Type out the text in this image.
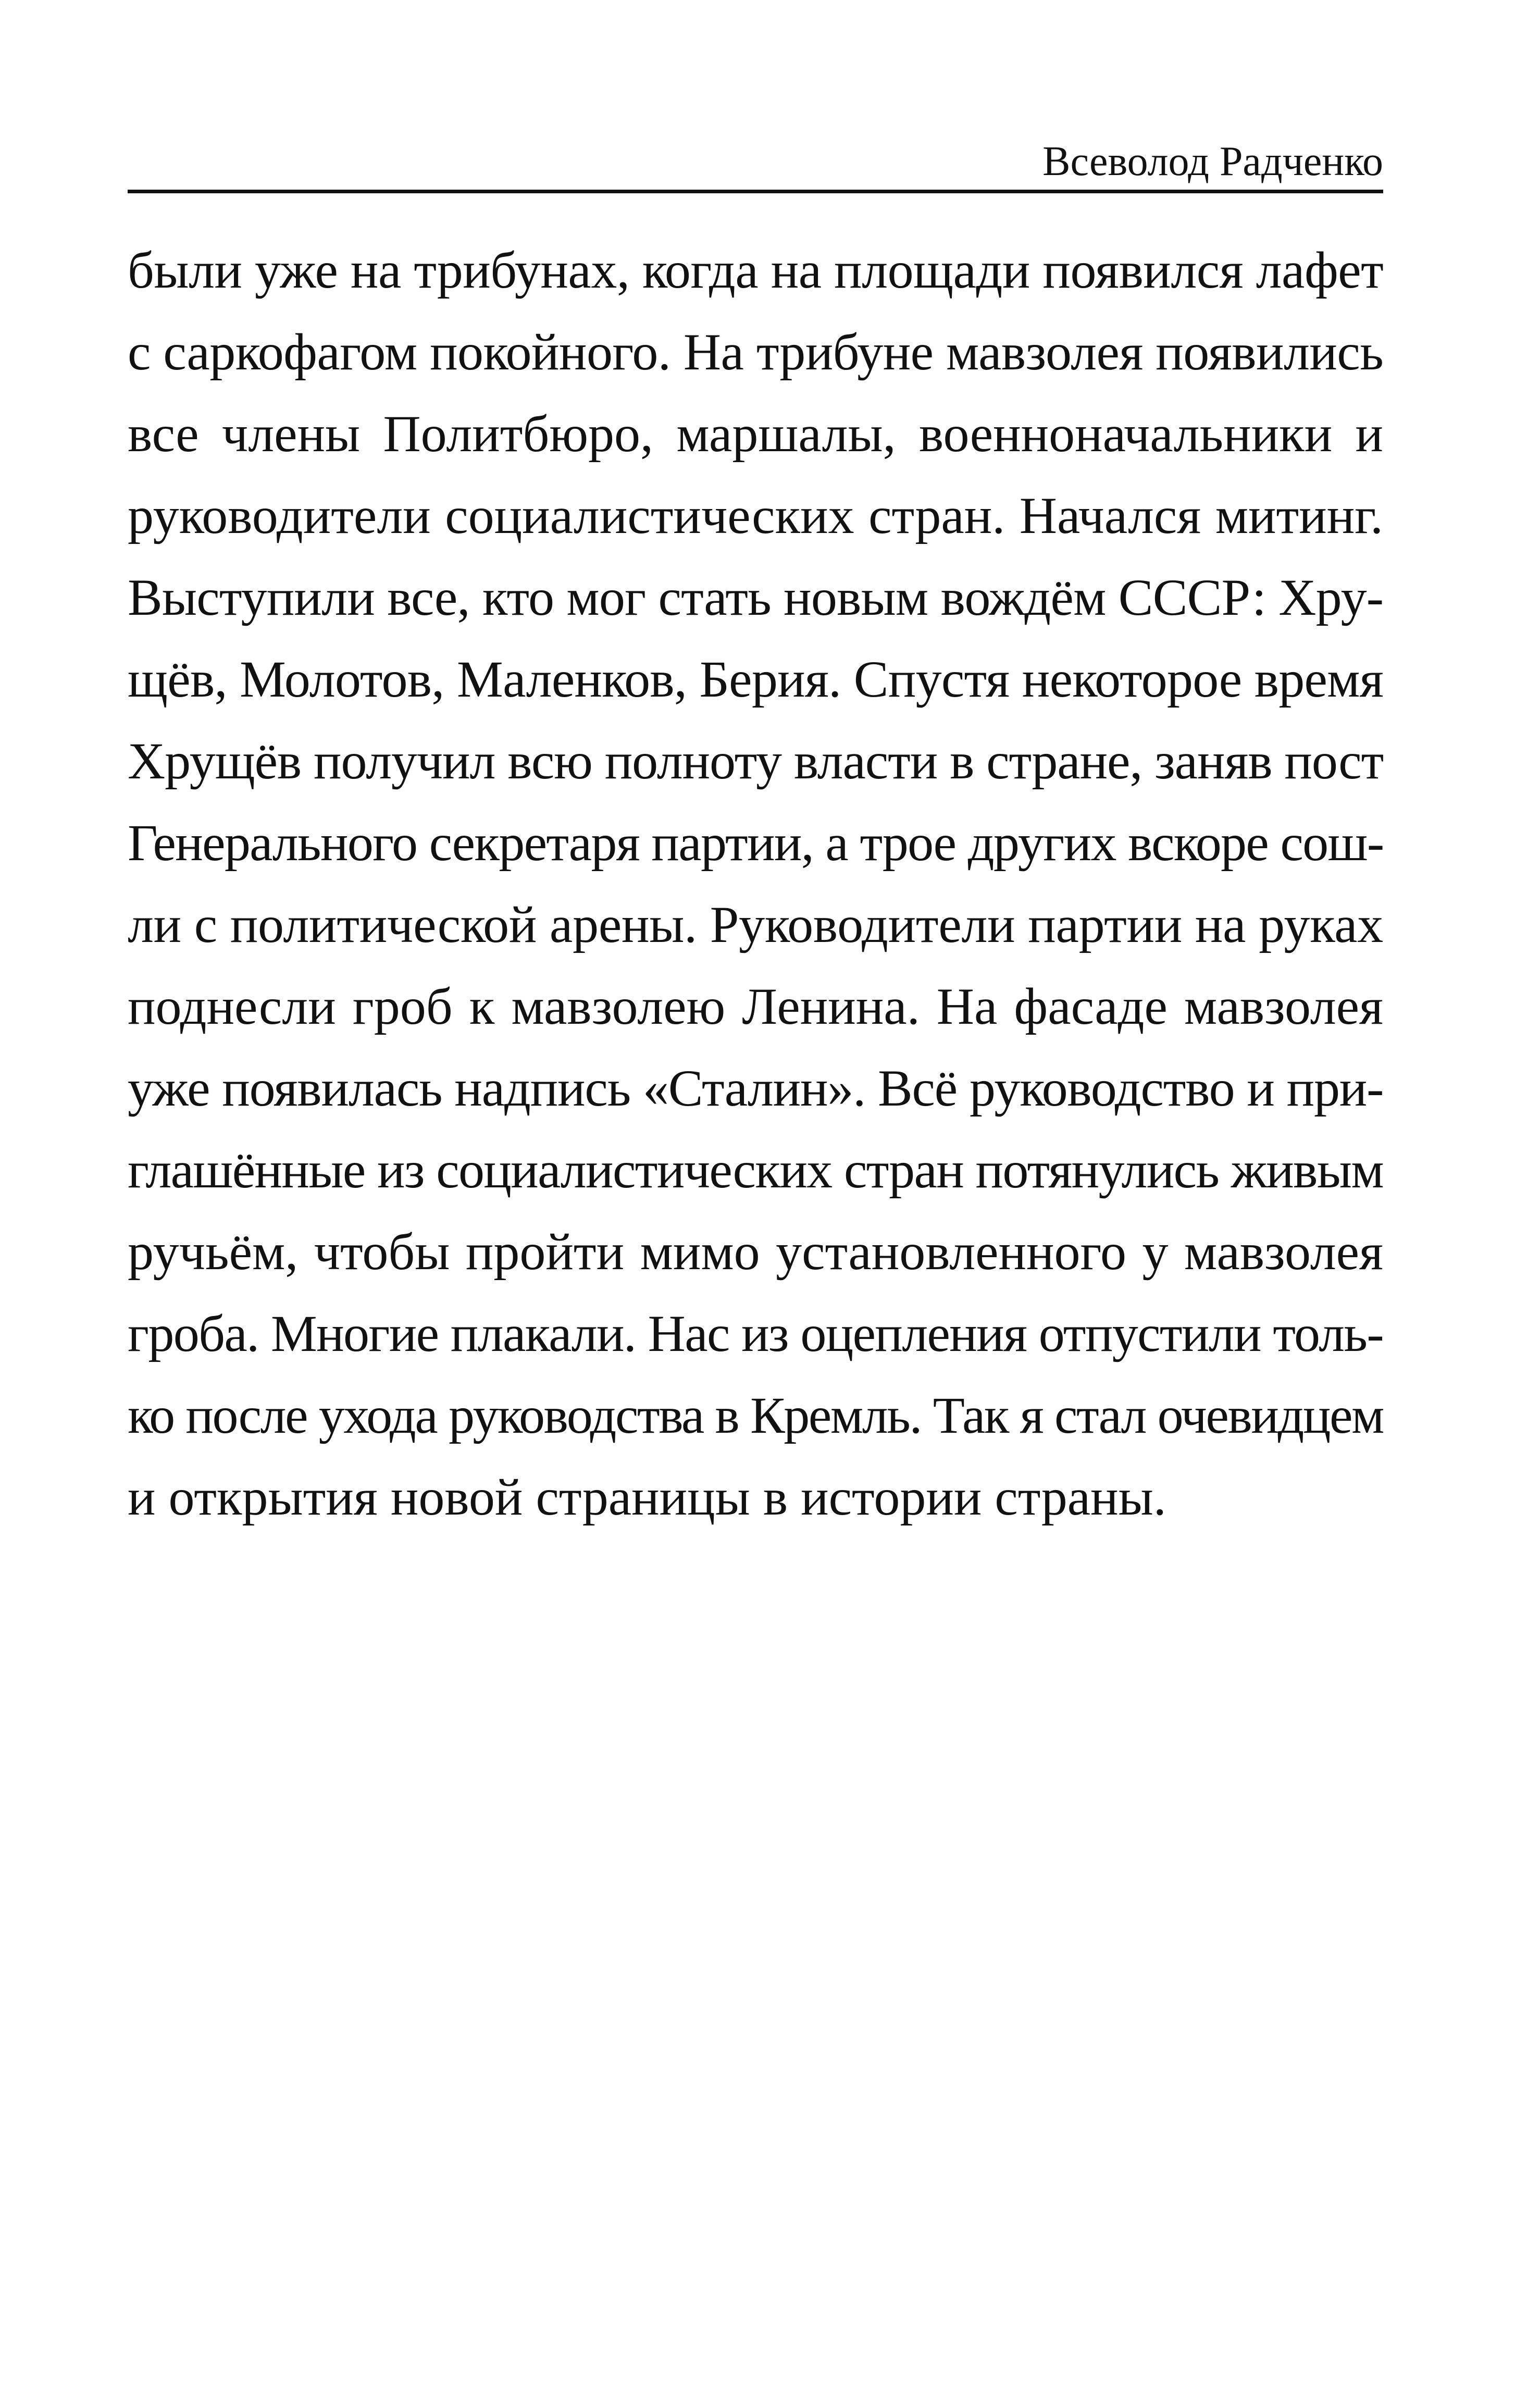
Всеволод Радченко
были уже на трибунах, когда на площади появился лафет
с саркофагом покойного. На трибуне мавзолея появились
все члены Политбюро, маршалы, военноначальники и
руководители социалистических стран. Начался митинг.
Выступили все, кто мог стать новым вождём СССР: Хру-
щёв, Молотов, Маленков, Берия. Спустя некоторое время
Хрущёв получил всю полноту власти в стране, заняв пост
Генерального секретаря партии, а трое других вскоре сош-
ли с политической арены. Руководители партии на руках
поднесли гроб к мавзолею Ленина. На фасаде мавзолея
уже появилась надпись «Сталин». Всё руководство и при-
глашённые из социалистических стран потянулись живым
ручьём, чтобы пройти мимо установленного у мавзолея
гроба. Многие плакали. Нас из оцепления отпустили толь-
ко после ухода руководства в Кремль. Так я стал очевидцем
и открытия новой страницы в истории страны.
